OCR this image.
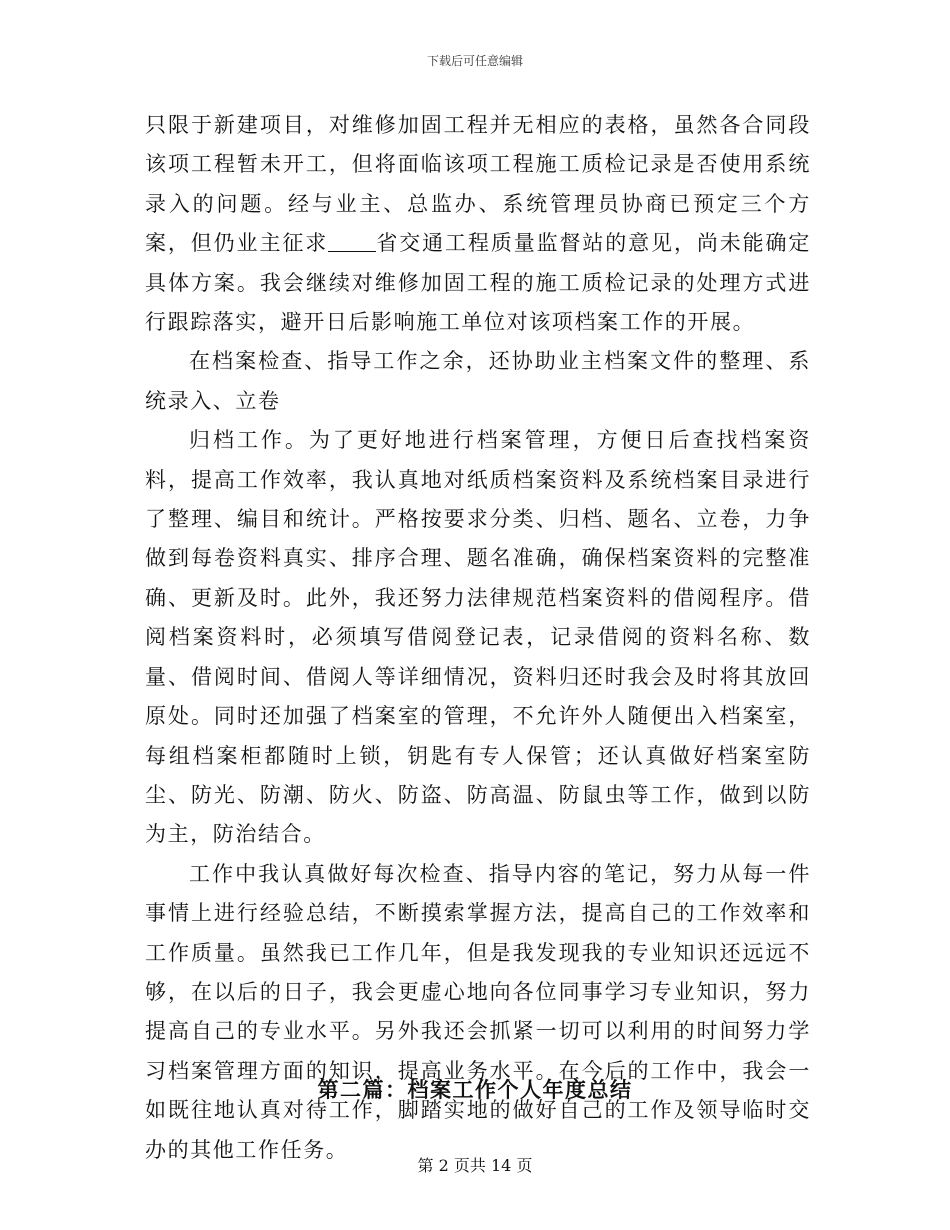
下载后可任意编辑

只限于新建项目，对维修加固工程并无相应的表格，虽然各合同段该项工程暂未开工，但将面临该项工程施工质检记录是否使用系统录入的问题。经与业主、总监办、系统管理员协商已预定三个方案，但仍业主征求 省交通工程质量监督站的意见，尚未能确定具体方案。我会继续对维修加固工程的施工质检记录的处理方式进行跟踪落实，避开日后影响施工单位对该项档案工作的开展。

在档案检查、指导工作之余，还协助业主档案文件的整理、系统录入、立卷

归档工作。为了更好地进行档案管理，方便日后查找档案资料，提高工作效率，我认真地对纸质档案资料及系统档案目录进行了整理、编目和统计。严格按要求分类、归档、题名、立卷，力争做到每卷资料真实、排序合理、题名准确，确保档案资料的完整准确、更新及时。此外，我还努力法律规范档案资料的借阅程序。借阅档案资料时，必须填写借阅登记表，记录借阅的资料名称、数量、借阅时间、借阅人等详细情况，资料归还时我会及时将其放回原处。同时还加强了档案室的管理，不允许外人随便出入档案室，每组档案柜都随时上锁，钥匙有专人保管；还认真做好档案室防尘、防光、防潮、防火、防盗、防高温、防鼠虫等工作，做到以防为主，防治结合。

工作中我认真做好每次检查、指导内容的笔记，努力从每一件事情上进行经验总结，不断摸索掌握方法，提高自己的工作效率和工作质量。虽然我已工作几年，但是我发现我的专业知识还远远不够，在以后的日子，我会更虚心地向各位同事学习专业知识，努力提高自己的专业水平。另外我还会抓紧一切可以利用的时间努力学习档案管理方面的知识，提高业务水平。在今后的工作中，我会一如既往地认真对待工作，脚踏实地的做好自己的工作及领导临时交办的其他工作任务。

第二篇：档案工作个人年度总结
第 2 页共 14 页
